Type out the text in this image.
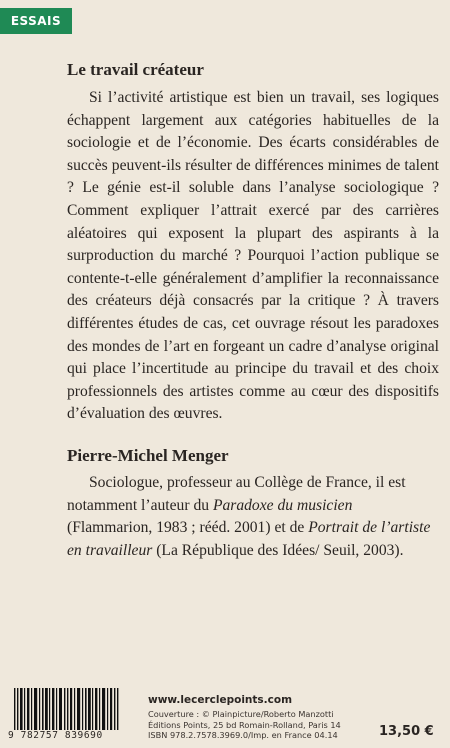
ESSAIS
Le travail créateur

Si l’activité artistique est bien un travail, ses logiques échappent largement aux catégories habituelles de la sociologie et de l’économie. Des écarts considérables de succès peuvent-ils résulter de différences minimes de talent ? Le génie est-il soluble dans l’analyse sociologique ? Comment expliquer l’attrait exercé par des carrières aléatoires qui exposent la plupart des aspirants à la surproduction du marché ? Pourquoi l’action publique se contente-t-elle généralement d’amplifier la reconnaissance des créateurs déjà consacrés par la critique ? À travers différentes études de cas, cet ouvrage résout les paradoxes des mondes de l’art en forgeant un cadre d’analyse original qui place l’incertitude au principe du travail et des choix professionnels des artistes comme au cœur des dispositifs d’évaluation des œuvres.

Pierre-Michel Menger

Sociologue, professeur au Collège de France, il est notamment l’auteur du Paradoxe du musicien (Flammarion, 1983 ; rééd. 2001) et de Portrait de l’artiste en travailleur (La République des Idées/ Seuil, 2003).

9 782757 839690
www.lecerclepoints.com
Couverture : © Plainpicture/Roberto Manzotti
Éditions Points, 25 bd Romain-Rolland, Paris 14
ISBN 978.2.7578.3969.0/Imp. en France 04.14	13,50 €
